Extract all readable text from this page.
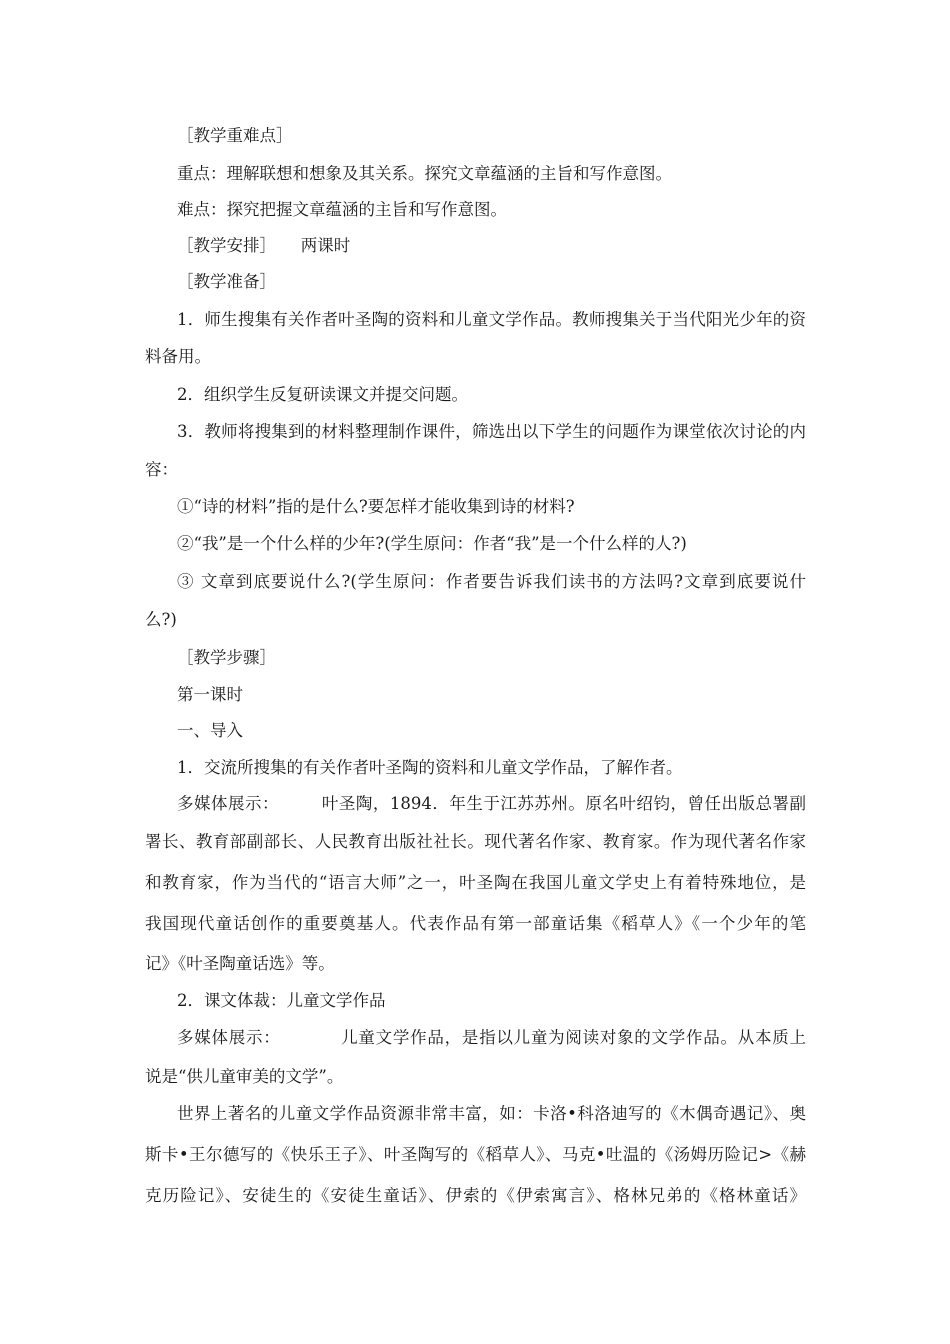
［教学重难点］
重点：理解联想和想象及其关系。探究文章蕴涵的主旨和写作意图。
难点：探究把握文章蕴涵的主旨和写作意图。
［教学安排］　　两课时
［教学准备］
1．师生搜集有关作者叶圣陶的资料和儿童文学作品。教师搜集关于当代阳光少年的资
料备用。
2．组织学生反复研读课文并提交问题。
3．教师将搜集到的材料整理制作课件，筛选出以下学生的问题作为课堂依次讨论的内
容：
①“诗的材料”指的是什么?要怎样才能收集到诗的材料?
②“我”是一个什么样的少年?(学生原问：作者“我”是一个什么样的人?)
③ 文章到底要说什么?(学生原问：作者要告诉我们读书的方法吗?文章到底要说什
么?)
［教学步骤］
第一课时
一、导入
1．交流所搜集的有关作者叶圣陶的资料和儿童文学作品，了解作者。
多媒体展示：　　　叶圣陶，1894．年生于江苏苏州。原名叶绍钧，曾任出版总署副
署长、教育部副部长、人民教育出版社社长。现代著名作家、教育家。作为现代著名作家
和教育家，作为当代的“语言大师”之一，叶圣陶在我国儿童文学史上有着特殊地位，是
我国现代童话创作的重要奠基人。代表作品有第一部童话集《稻草人》《一个少年的笔
记》《叶圣陶童话选》等。
2．课文体裁：儿童文学作品
多媒体展示：　　　　儿童文学作品，是指以儿童为阅读对象的文学作品。从本质上
说是“供儿童审美的文学”。
世界上著名的儿童文学作品资源非常丰富，如：卡洛•科洛迪写的《木偶奇遇记》、奥
斯卡•王尔德写的《快乐王子》、叶圣陶写的《稻草人》、马克•吐温的《汤姆历险记>《赫
克历险记》、安徒生的《安徒生童话》、伊索的《伊索寓言》、格林兄弟的《格林童话》
